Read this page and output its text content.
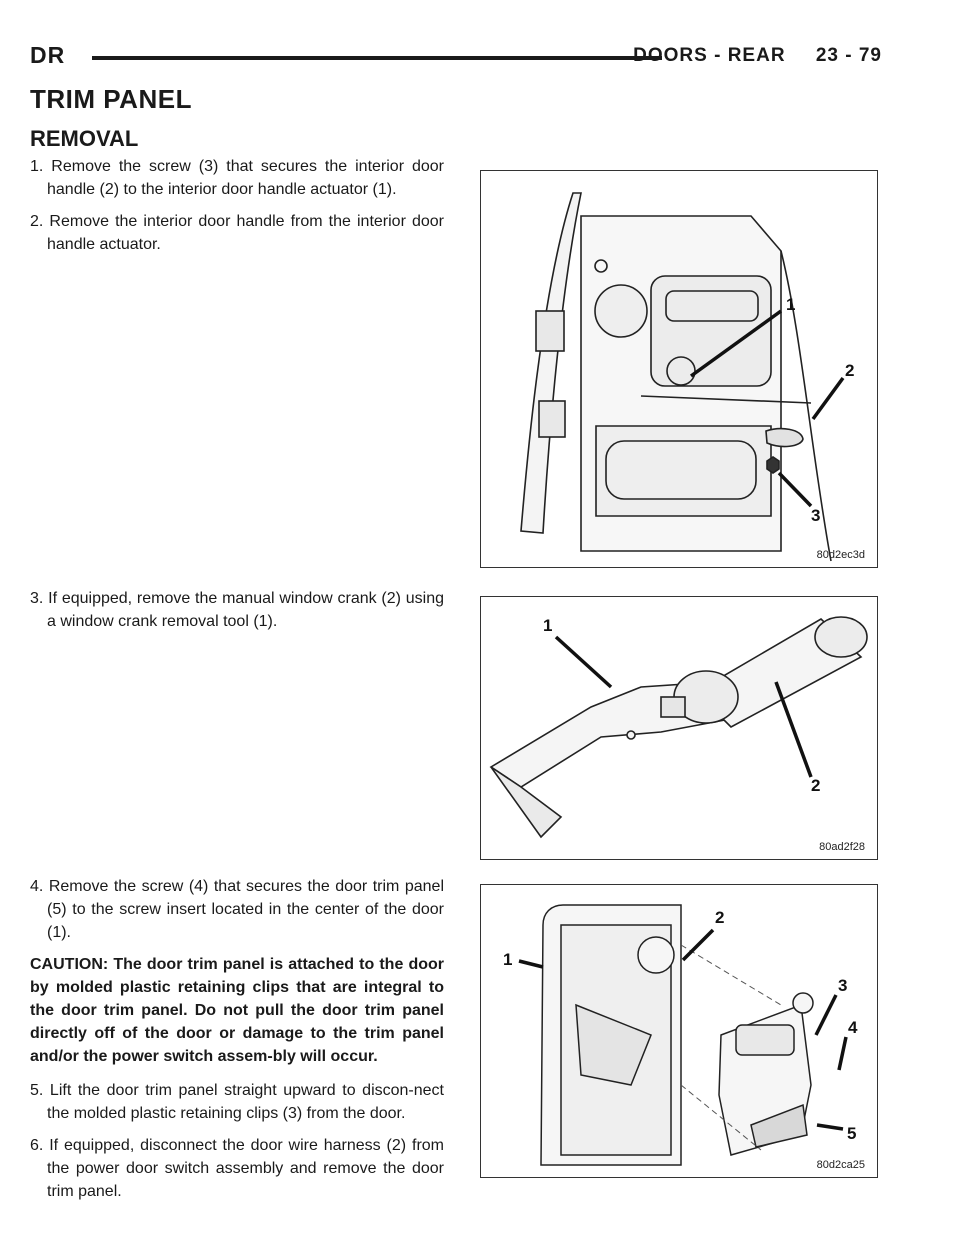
DR	DOORS - REAR 23 - 79
TRIM PANEL
REMOVAL

1. Remove the screw (3) that secures the interior door handle (2) to the interior door handle actuator (1).

2. Remove the interior door handle from the interior door handle actuator.

3. If equipped, remove the manual window crank (2) using a window crank removal tool (1).

4. Remove the screw (4) that secures the door trim panel (5) to the screw insert located in the center of the door (1).

CAUTION: The door trim panel is attached to the door by molded plastic retaining clips that are integral to the door trim panel. Do not pull the door trim panel directly off of the door or damage to the trim panel and/or the power switch assem-bly will occur.

5. Lift the door trim panel straight upward to discon-nect the molded plastic retaining clips (3) from the door.

6. If equipped, disconnect the door wire harness (2) from the power door switch assembly and remove the door trim panel.

1
2
3
80d2ec3d
1
2
80ad2f28
1
2
3
4
5
80d2ca25
